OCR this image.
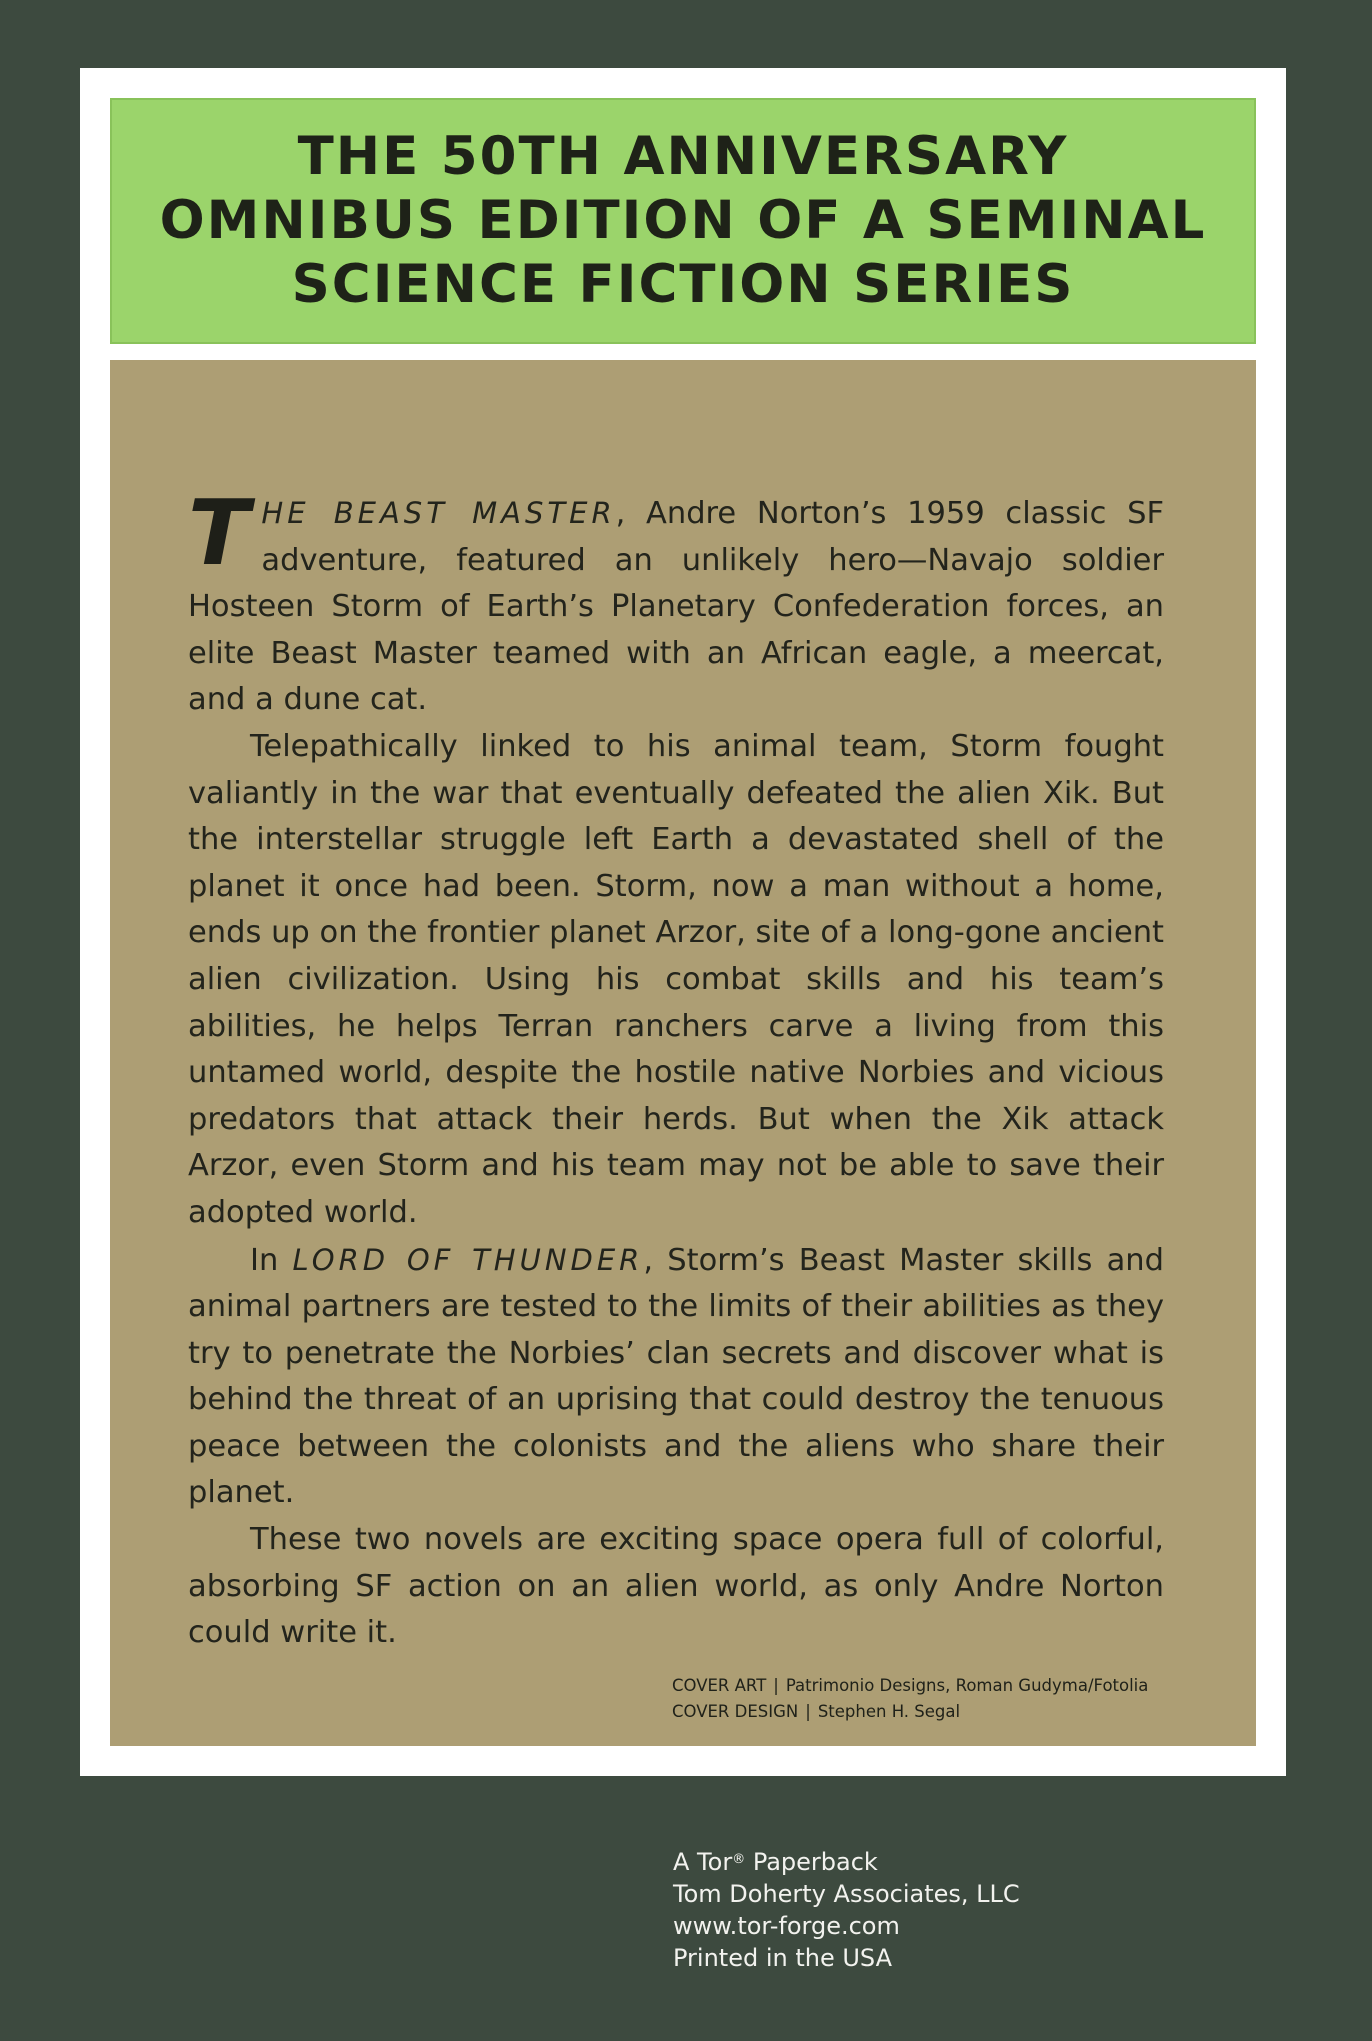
THE 50TH ANNIVERSARY
OMNIBUS EDITION OF A SEMINAL
SCIENCE FICTION SERIES

THE BEAST MASTER, Andre Norton’s 1959 classic SF adventure, featured an unlikely hero—Navajo soldier Hosteen Storm of Earth’s Planetary Confederation forces, an elite Beast Master teamed with an African eagle, a meercat, and a dune cat.

Telepathically linked to his animal team, Storm fought valiantly in the war that eventually defeated the alien Xik. But the interstellar struggle left Earth a devastated shell of the planet it once had been. Storm, now a man without a home, ends up on the frontier planet Arzor, site of a long-gone ancient alien civilization. Using his combat skills and his team’s abilities, he helps Terran ranchers carve a living from this untamed world, despite the hostile native Norbies and vicious predators that attack their herds. But when the Xik attack Arzor, even Storm and his team may not be able to save their adopted world.

In LORD OF THUNDER, Storm’s Beast Master skills and animal partners are tested to the limits of their abilities as they try to penetrate the Norbies’ clan secrets and discover what is behind the threat of an uprising that could destroy the tenuous peace between the colonists and the aliens who share their planet.

These two novels are exciting space opera full of colorful, absorbing SF action on an alien world, as only Andre Norton could write it.

COVER ART | Patrimonio Designs, Roman Gudyma/Fotolia
COVER DESIGN | Stephen H. Segal
A Tor® Paperback
Tom Doherty Associates, LLC
www.tor-forge.com
Printed in the USA
